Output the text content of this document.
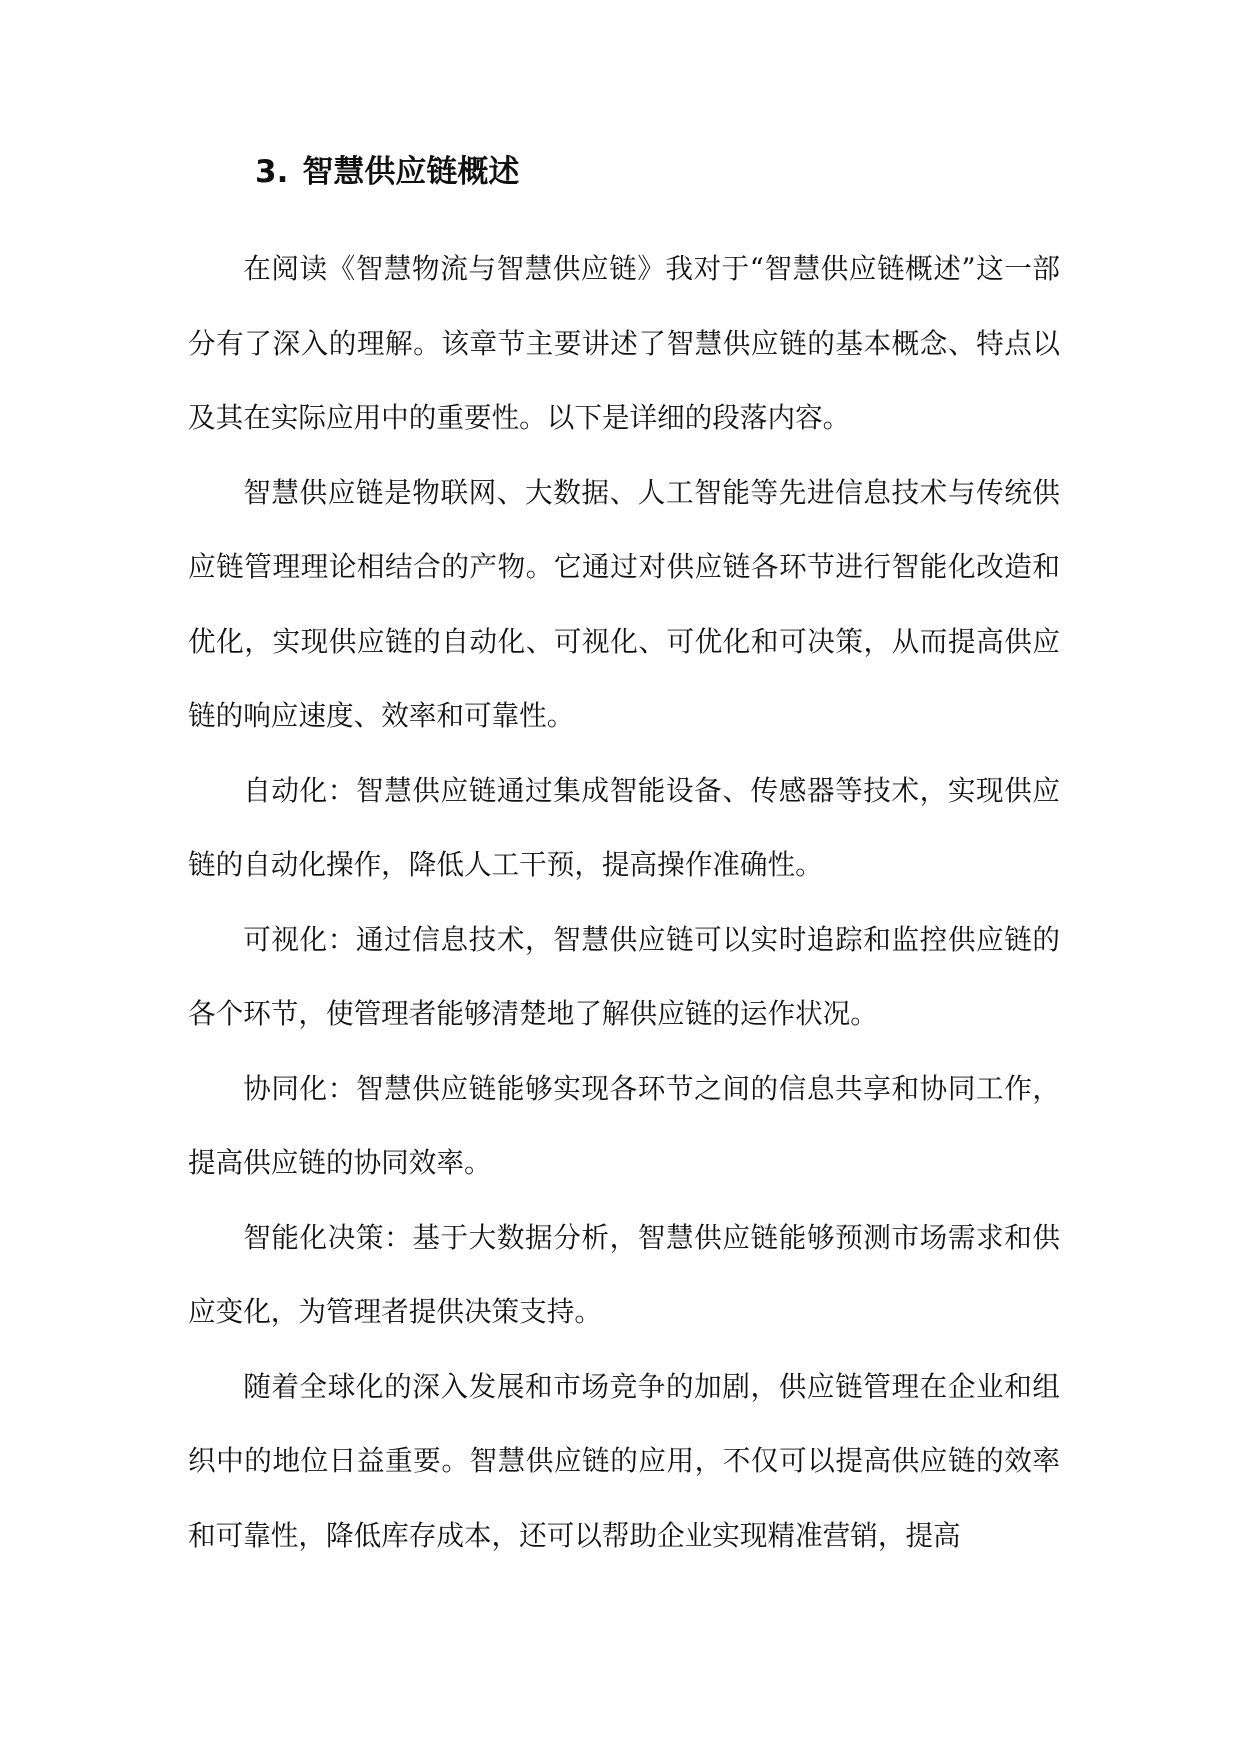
3. 智慧供应链概述

在阅读《智慧物流与智慧供应链》我对于“智慧供应链概述”这一部分有了深入的理解。该章节主要讲述了智慧供应链的基本概念、特点以及其在实际应用中的重要性。以下是详细的段落内容。

智慧供应链是物联网、大数据、人工智能等先进信息技术与传统供应链管理理论相结合的产物。它通过对供应链各环节进行智能化改造和优化，实现供应链的自动化、可视化、可优化和可决策，从而提高供应链的响应速度、效率和可靠性。

自动化：智慧供应链通过集成智能设备、传感器等技术，实现供应链的自动化操作，降低人工干预，提高操作准确性。

可视化：通过信息技术，智慧供应链可以实时追踪和监控供应链的各个环节，使管理者能够清楚地了解供应链的运作状况。

协同化：智慧供应链能够实现各环节之间的信息共享和协同工作，提高供应链的协同效率。

智能化决策：基于大数据分析，智慧供应链能够预测市场需求和供应变化，为管理者提供决策支持。

随着全球化的深入发展和市场竞争的加剧，供应链管理在企业和组织中的地位日益重要。智慧供应链的应用，不仅可以提高供应链的效率和可靠性，降低库存成本，还可以帮助企业实现精准营销，提高
